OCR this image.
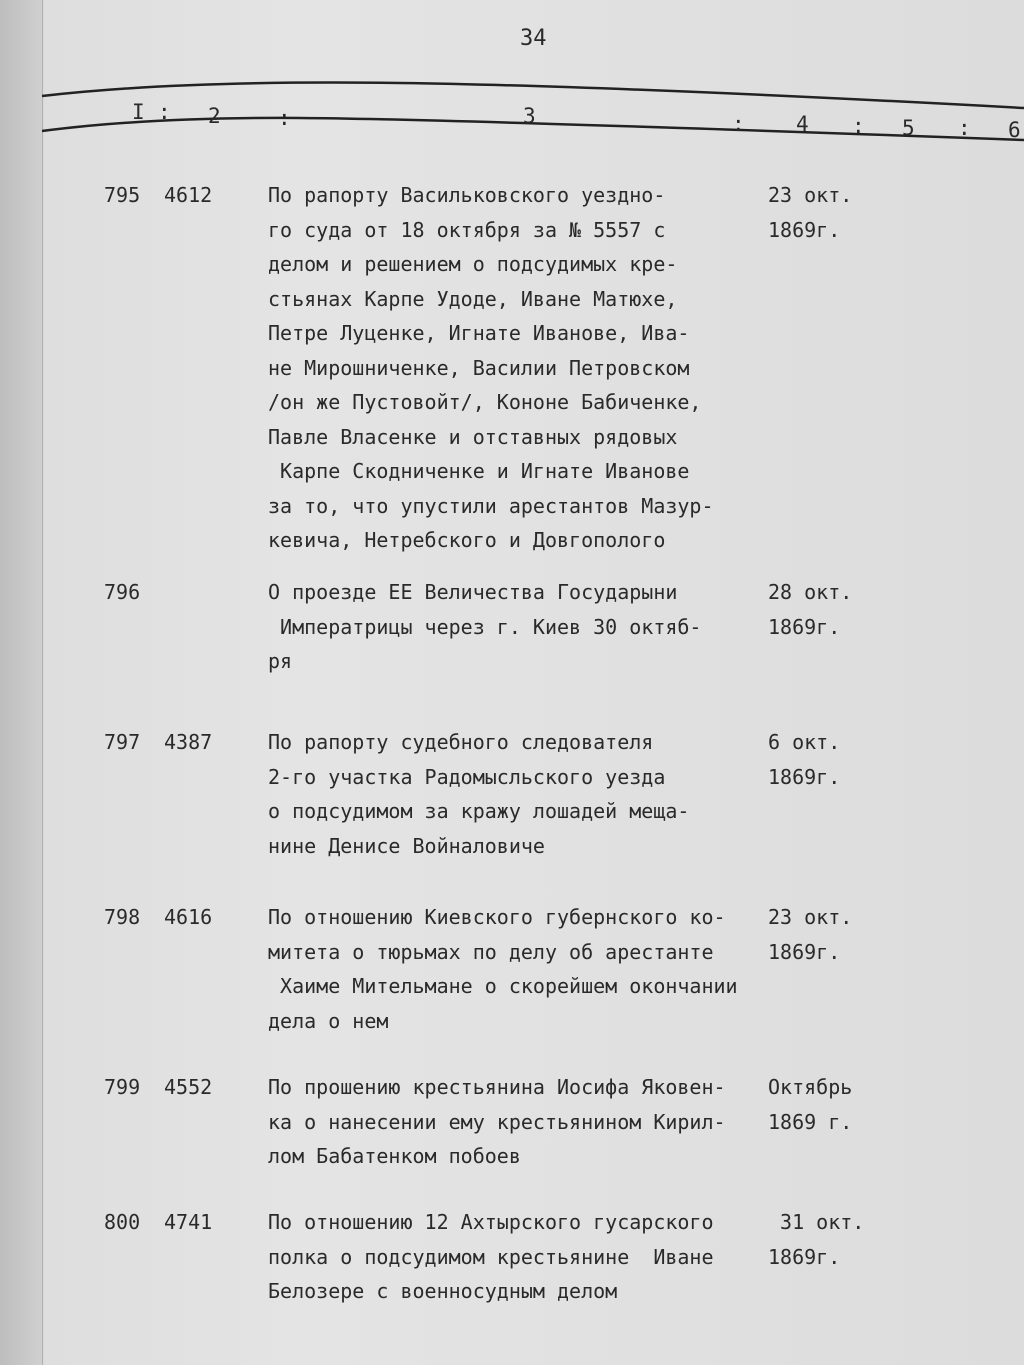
34
I : 2	:	3	: 4 : 5 : 6
795 4612	По рапорту Васильковского уездно-
го суда от 18 октября за № 5557 с
делом и решением о подсудимых кре-
стьянах Карпе Удоде, Иване Матюхе,
Петре Луценке, Игнате Иванове, Ива-
не Мирошниченке, Василии Петровском
/он же Пустовойт/, Кононе Бабиченке,
Павле Власенке и отставных рядовых
Карпе Скодниченке и Игнате Иванове
за то, что упустили арестантов Мазур-
кевича, Нетребского и Довгополого
23 окт.
1869г.
796	О проезде ЕЕ Величества Государыни
Императрицы через г. Киев 30 октяб-
ря
28 окт.
1869г.
797 4387	По рапорту судебного следователя
2-го участка Радомысльского уезда
о подсудимом за кражу лошадей меща-
нине Денисе Войналовиче
6 окт.
1869г.
798 4616	По отношению Киевского губернского ко-
митета о тюрьмах по делу об арестанте
Хаиме Мительмане о скорейшем окончании
дела о нем
23 окт.
1869г.
799 4552	По прошению крестьянина Иосифа Яковен-
ка о нанесении ему крестьянином Кирил-
лом Бабатенком побоев
Октябрь
1869 г.
800 4741	По отношению 12 Ахтырского гусарского
полка о подсудимом крестьянине  Иване
Белозере с военносудным делом
31 окт.
1869г.
